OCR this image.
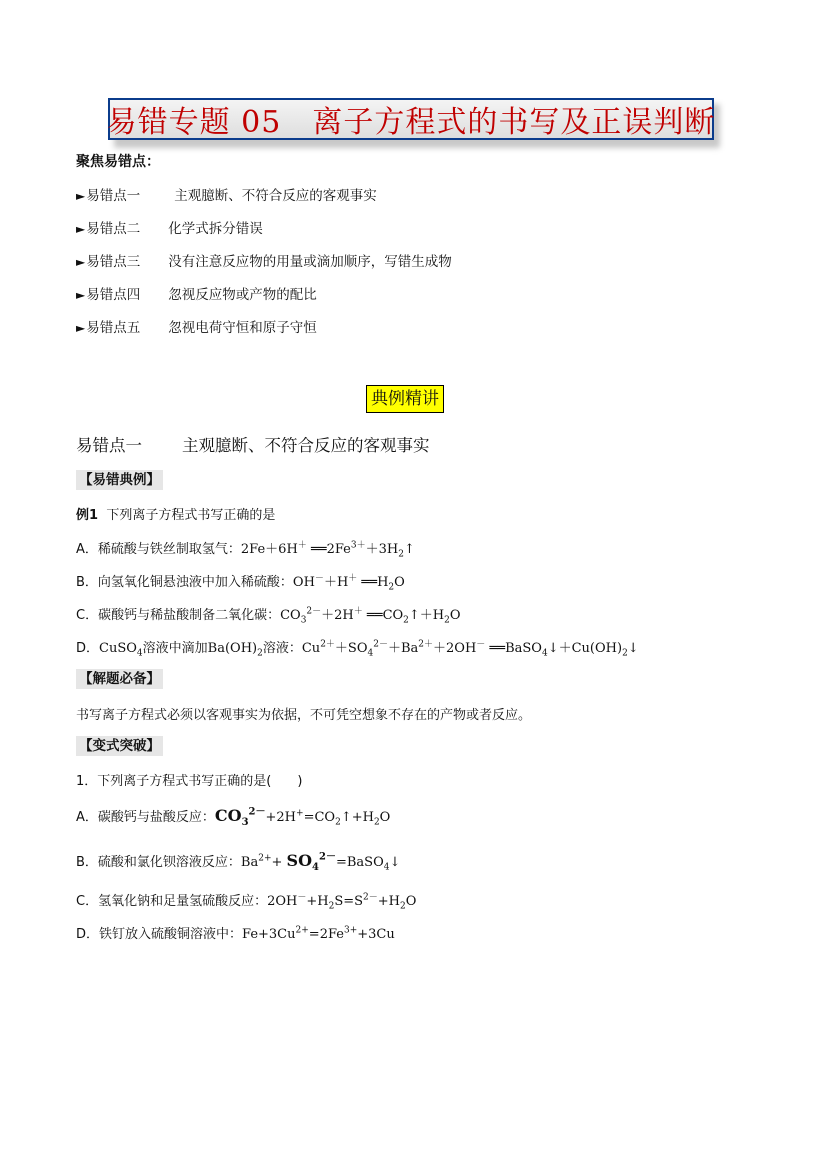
易错专题 05　离子方程式的书写及正误判断
聚焦易错点：
►易错点一	主观臆断、不符合反应的客观事实
►易错点二 化学式拆分错误
►易错点三 没有注意反应物的用量或滴加顺序，写错生成物
►易错点四 忽视反应物或产物的配比
►易错点五 忽视电荷守恒和原子守恒
典例精讲
易错点一 主观臆断、不符合反应的客观事实
【易错典例】
例1 下列离子方程式书写正确的是
A．稀硫酸与铁丝制取氢气：2Fe＋6H＋ $══2Fe^{3+}+3H_2↑$
B．向氢氧化铜悬浊液中加入稀硫酸：OH－＋H＋ $══H_2O$
C．碳酸钙与稀盐酸制备二氧化碳：$CO_3^{2-}+2H^+$ $══CO_2↑+H_2O$
D．CuSO$_4$溶液中滴加$Ba(OH)_2$溶液：$Cu^{2+}+SO_4^{2-}+Ba^{2+}+2OH^-$ $══BaSO_4↓+Cu(OH)_2↓$
【解题必备】
书写离子方程式必须以客观事实为依据，不可凭空想象不存在的产物或者反应。
【变式突破】
1．下列离子方程式书写正确的是(　　)
A．碳酸钙与盐酸反应：$CO_3^{2-}+2H^+=CO_2↑+H_2O$
B．硫酸和氯化钡溶液反应：$Ba^{2+}+$ $SO_4^{2-}=BaSO_4↓$
C．氢氧化钠和足量氢硫酸反应：$2OH^-+H_2S=S^{2-}+H_2O$
D．铁钉放入硫酸铜溶液中：$Fe+3Cu^{2+}=2Fe^{3+}+3Cu$
